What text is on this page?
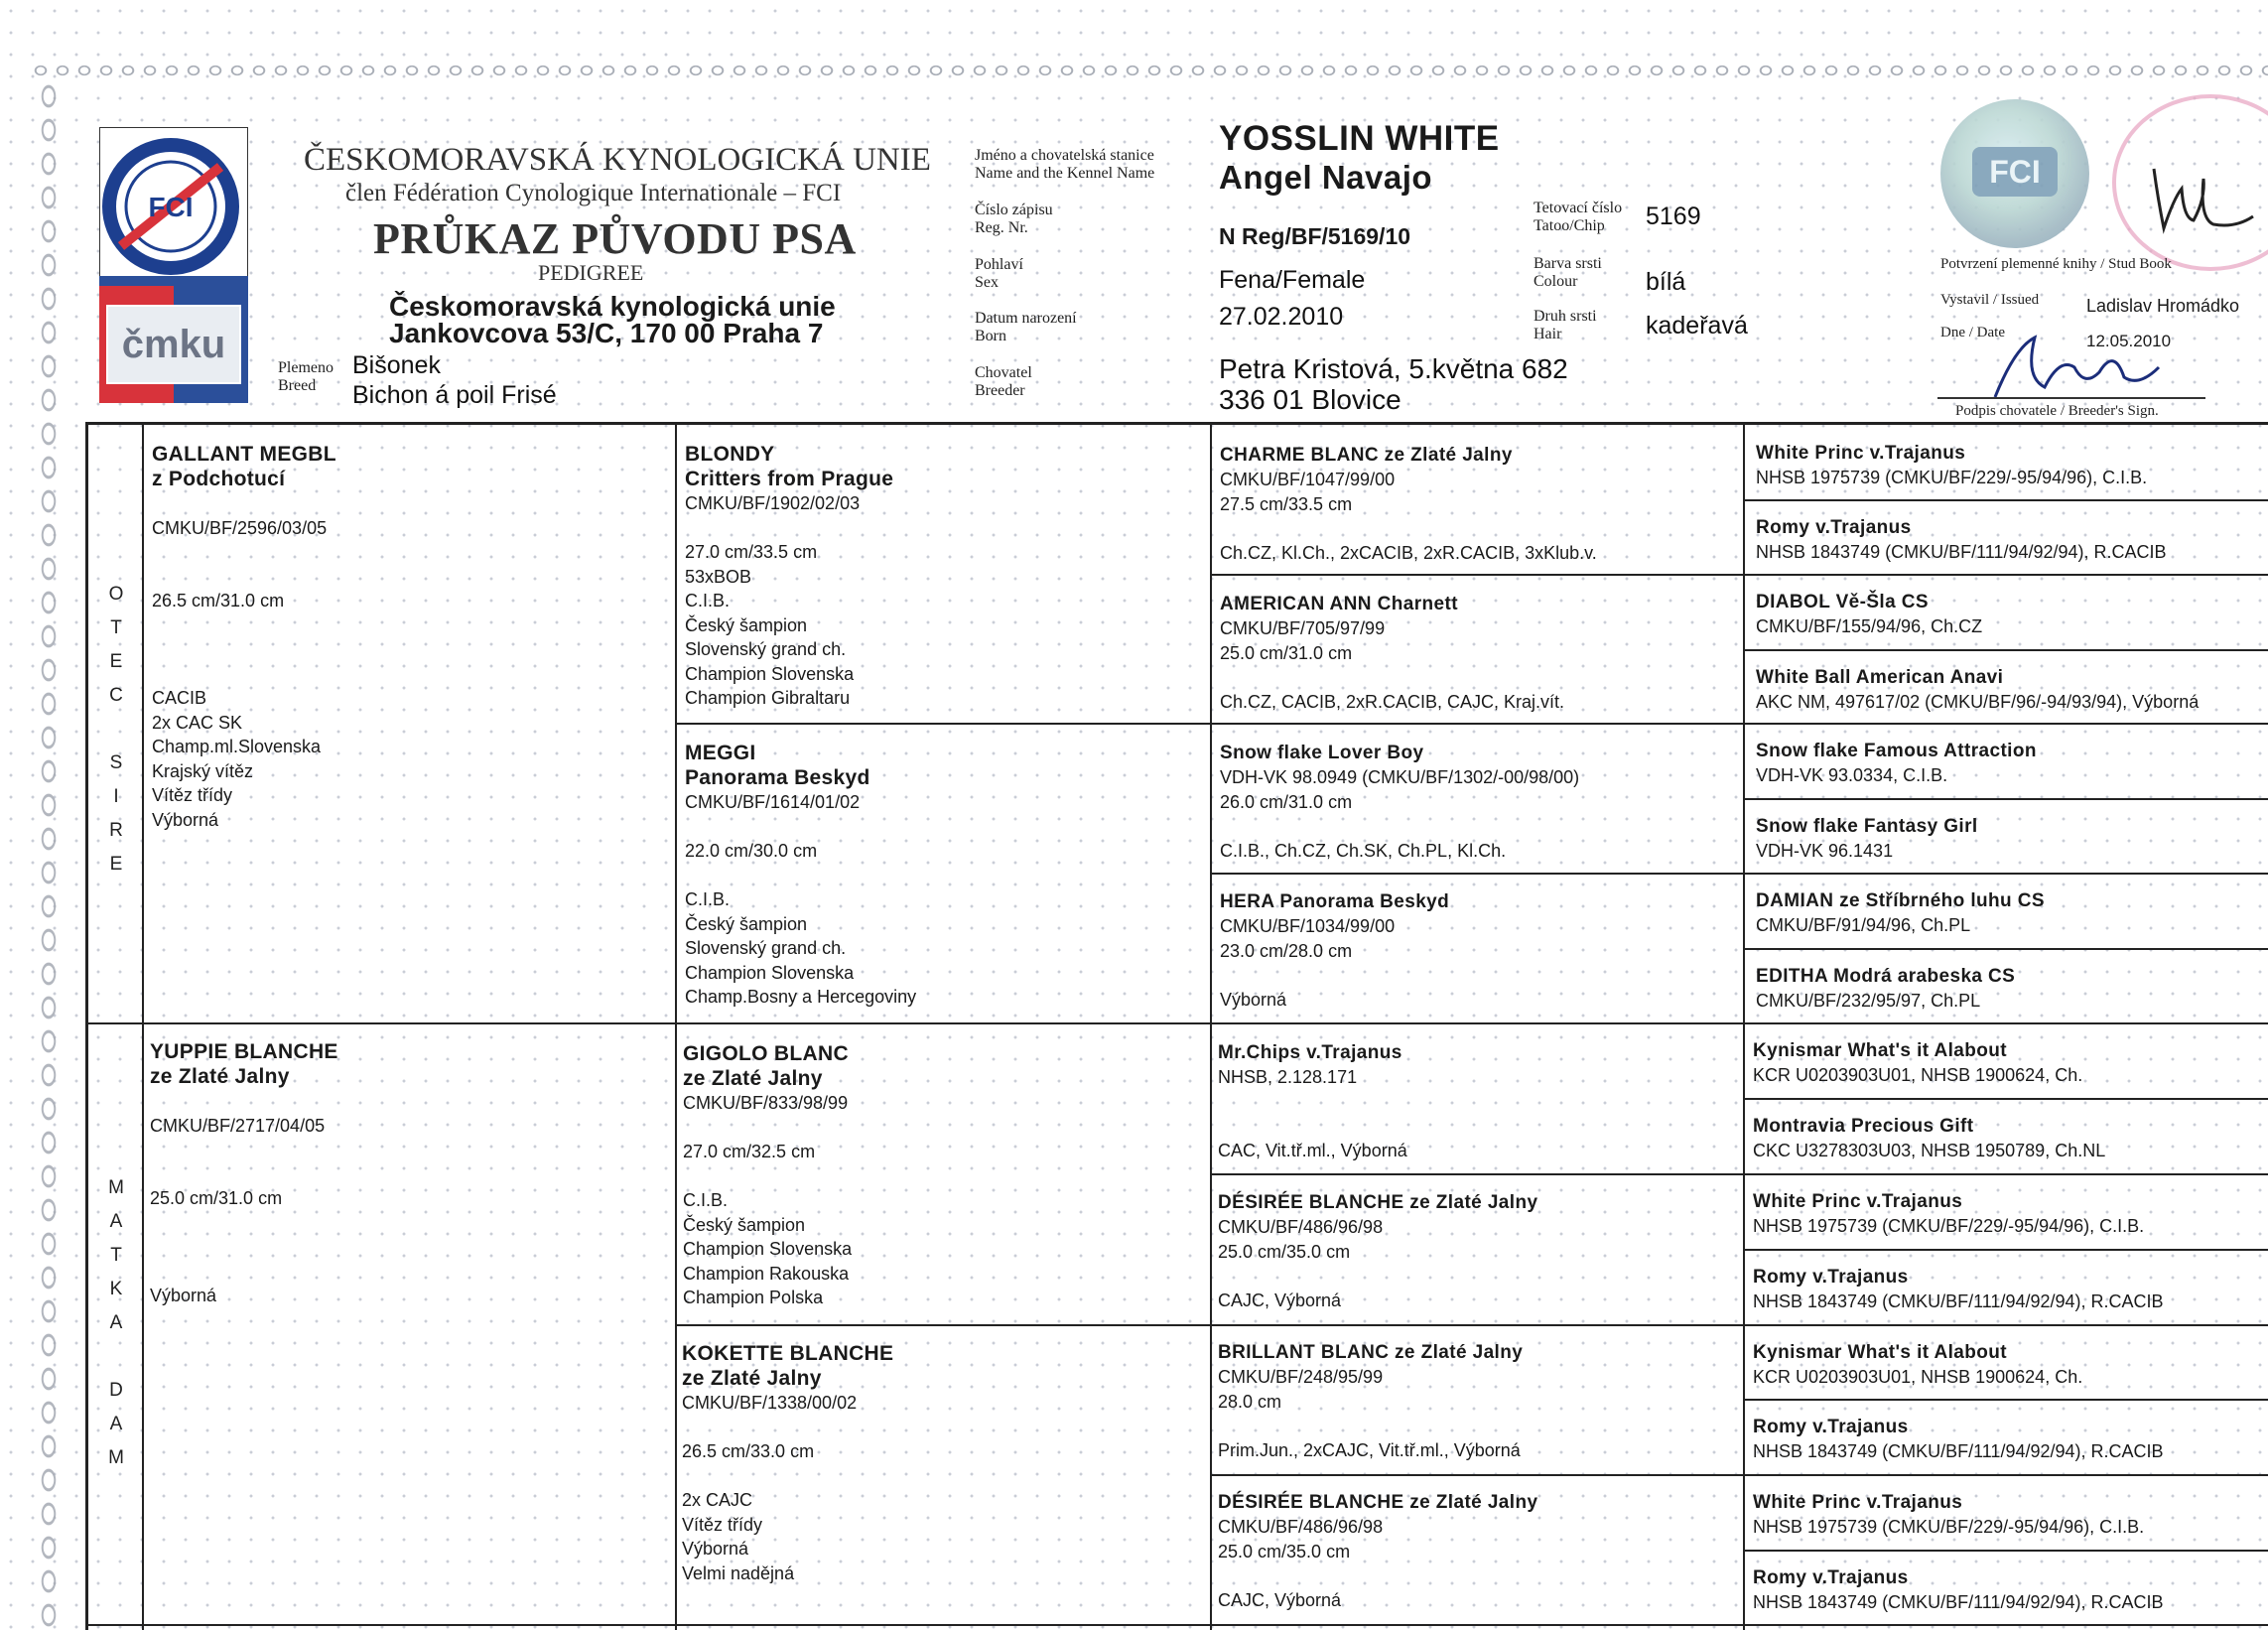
FCI
čmku
ČESKOMORAVSKÁ KYNOLOGICKÁ UNIE
člen Fédération Cynologique Internationale – FCI
PRŮKAZ PŮVODU PSA
PEDIGREE
Českomoravská kynologická unie
Jankovcova 53/C, 170 00 Praha 7
Plemeno
Breed
Bišonek
Bichon á poil Frisé
Jméno a chovatelská stanice
Name and the Kennel Name
Číslo zápisu
Reg. Nr.
Pohlaví
Sex
Datum narození
Born
Chovatel
Breeder
YOSSLIN WHITE
Angel Navajo
N Reg/BF/5169/10
Fena/Female
27.02.2010
Petra Kristová, 5.května 682
336 01 Blovice
Tetovací číslo
Tatoo/Chip
Barva srsti
Colour
Druh srsti
Hair
5169
bílá
kadeřavá
FCI
Potvrzení plemenné knihy / Stud Book
Vystavil / Issued	Ladislav Hromádko
Dne / Date	12.05.2010
Podpis chovatele / Breeder's Sign.
O
T
E
C

S
I
R
E
M
A
T
K
A

D
A
M
GALLANT MEGBL
z Podchotucí
CMKU/BF/2596/03/05
26.5 cm/31.0 cm
CACIB
2x CAC SK
Champ.ml.Slovenska
Krajský vítěz
Vítěz třídy
Výborná
YUPPIE BLANCHE
ze Zlaté Jalny
CMKU/BF/2717/04/05
25.0 cm/31.0 cm
Výborná
BLONDY
Critters from Prague
CMKU/BF/1902/02/03
27.0 cm/33.5 cm
53xBOB
C.I.B.
Český šampion
Slovenský grand ch.
Champion Slovenska
Champion Gibraltaru
MEGGI
Panorama Beskyd
CMKU/BF/1614/01/02
22.0 cm/30.0 cm
C.I.B.
Český šampion
Slovenský grand ch.
Champion Slovenska
Champ.Bosny a Hercegoviny
GIGOLO BLANC
ze Zlaté Jalny
CMKU/BF/833/98/99
27.0 cm/32.5 cm
C.I.B.
Český šampion
Champion Slovenska
Champion Rakouska
Champion Polska
KOKETTE BLANCHE
ze Zlaté Jalny
CMKU/BF/1338/00/02
26.5 cm/33.0 cm
2x CAJC
Vítěz třídy
Výborná
Velmi nadějná
CHARME BLANC ze Zlaté Jalny
CMKU/BF/1047/99/00
27.5 cm/33.5 cm
Ch.CZ, Kl.Ch., 2xCACIB, 2xR.CACIB, 3xKlub.v.
AMERICAN ANN Charnett
CMKU/BF/705/97/99
25.0 cm/31.0 cm
Ch.CZ, CACIB, 2xR.CACIB, CAJC, Kraj.vít.
Snow flake Lover Boy
VDH-VK 98.0949 (CMKU/BF/1302/-00/98/00)
26.0 cm/31.0 cm
C.I.B., Ch.CZ, Ch.SK, Ch.PL, Kl.Ch.
HERA Panorama Beskyd
CMKU/BF/1034/99/00
23.0 cm/28.0 cm
Výborná
Mr.Chips v.Trajanus
NHSB, 2.128.171
CAC, Vit.tř.ml., Výborná
DÉSIRÉE BLANCHE ze Zlaté Jalny
CMKU/BF/486/96/98
25.0 cm/35.0 cm
CAJC, Výborná
BRILLANT BLANC ze Zlaté Jalny
CMKU/BF/248/95/99
28.0 cm
Prim.Jun., 2xCAJC, Vit.tř.ml., Výborná
DÉSIRÉE BLANCHE ze Zlaté Jalny
CMKU/BF/486/96/98
25.0 cm/35.0 cm
CAJC, Výborná
White Princ v.Trajanus
NHSB 1975739 (CMKU/BF/229/-95/94/96), C.I.B.
Romy v.Trajanus
NHSB 1843749 (CMKU/BF/111/94/92/94), R.CACIB
DIABOL Vě-Šla CS
CMKU/BF/155/94/96, Ch.CZ
White Ball American Anavi
AKC NM, 497617/02 (CMKU/BF/96/-94/93/94), Výborná
Snow flake Famous Attraction
VDH-VK 93.0334, C.I.B.
Snow flake Fantasy Girl
VDH-VK 96.1431
DAMIAN ze Stříbrného luhu CS
CMKU/BF/91/94/96, Ch.PL
EDITHA Modrá arabeska CS
CMKU/BF/232/95/97, Ch.PL
Kynismar What's it Alabout
KCR U0203903U01, NHSB 1900624, Ch.
Montravia Precious Gift
CKC U3278303U03, NHSB 1950789, Ch.NL
White Princ v.Trajanus
NHSB 1975739 (CMKU/BF/229/-95/94/96), C.I.B.
Romy v.Trajanus
NHSB 1843749 (CMKU/BF/111/94/92/94), R.CACIB
Kynismar What's it Alabout
KCR U0203903U01, NHSB 1900624, Ch.
Romy v.Trajanus
NHSB 1843749 (CMKU/BF/111/94/92/94), R.CACIB
White Princ v.Trajanus
NHSB 1975739 (CMKU/BF/229/-95/94/96), C.I.B.
Romy v.Trajanus
NHSB 1843749 (CMKU/BF/111/94/92/94), R.CACIB
